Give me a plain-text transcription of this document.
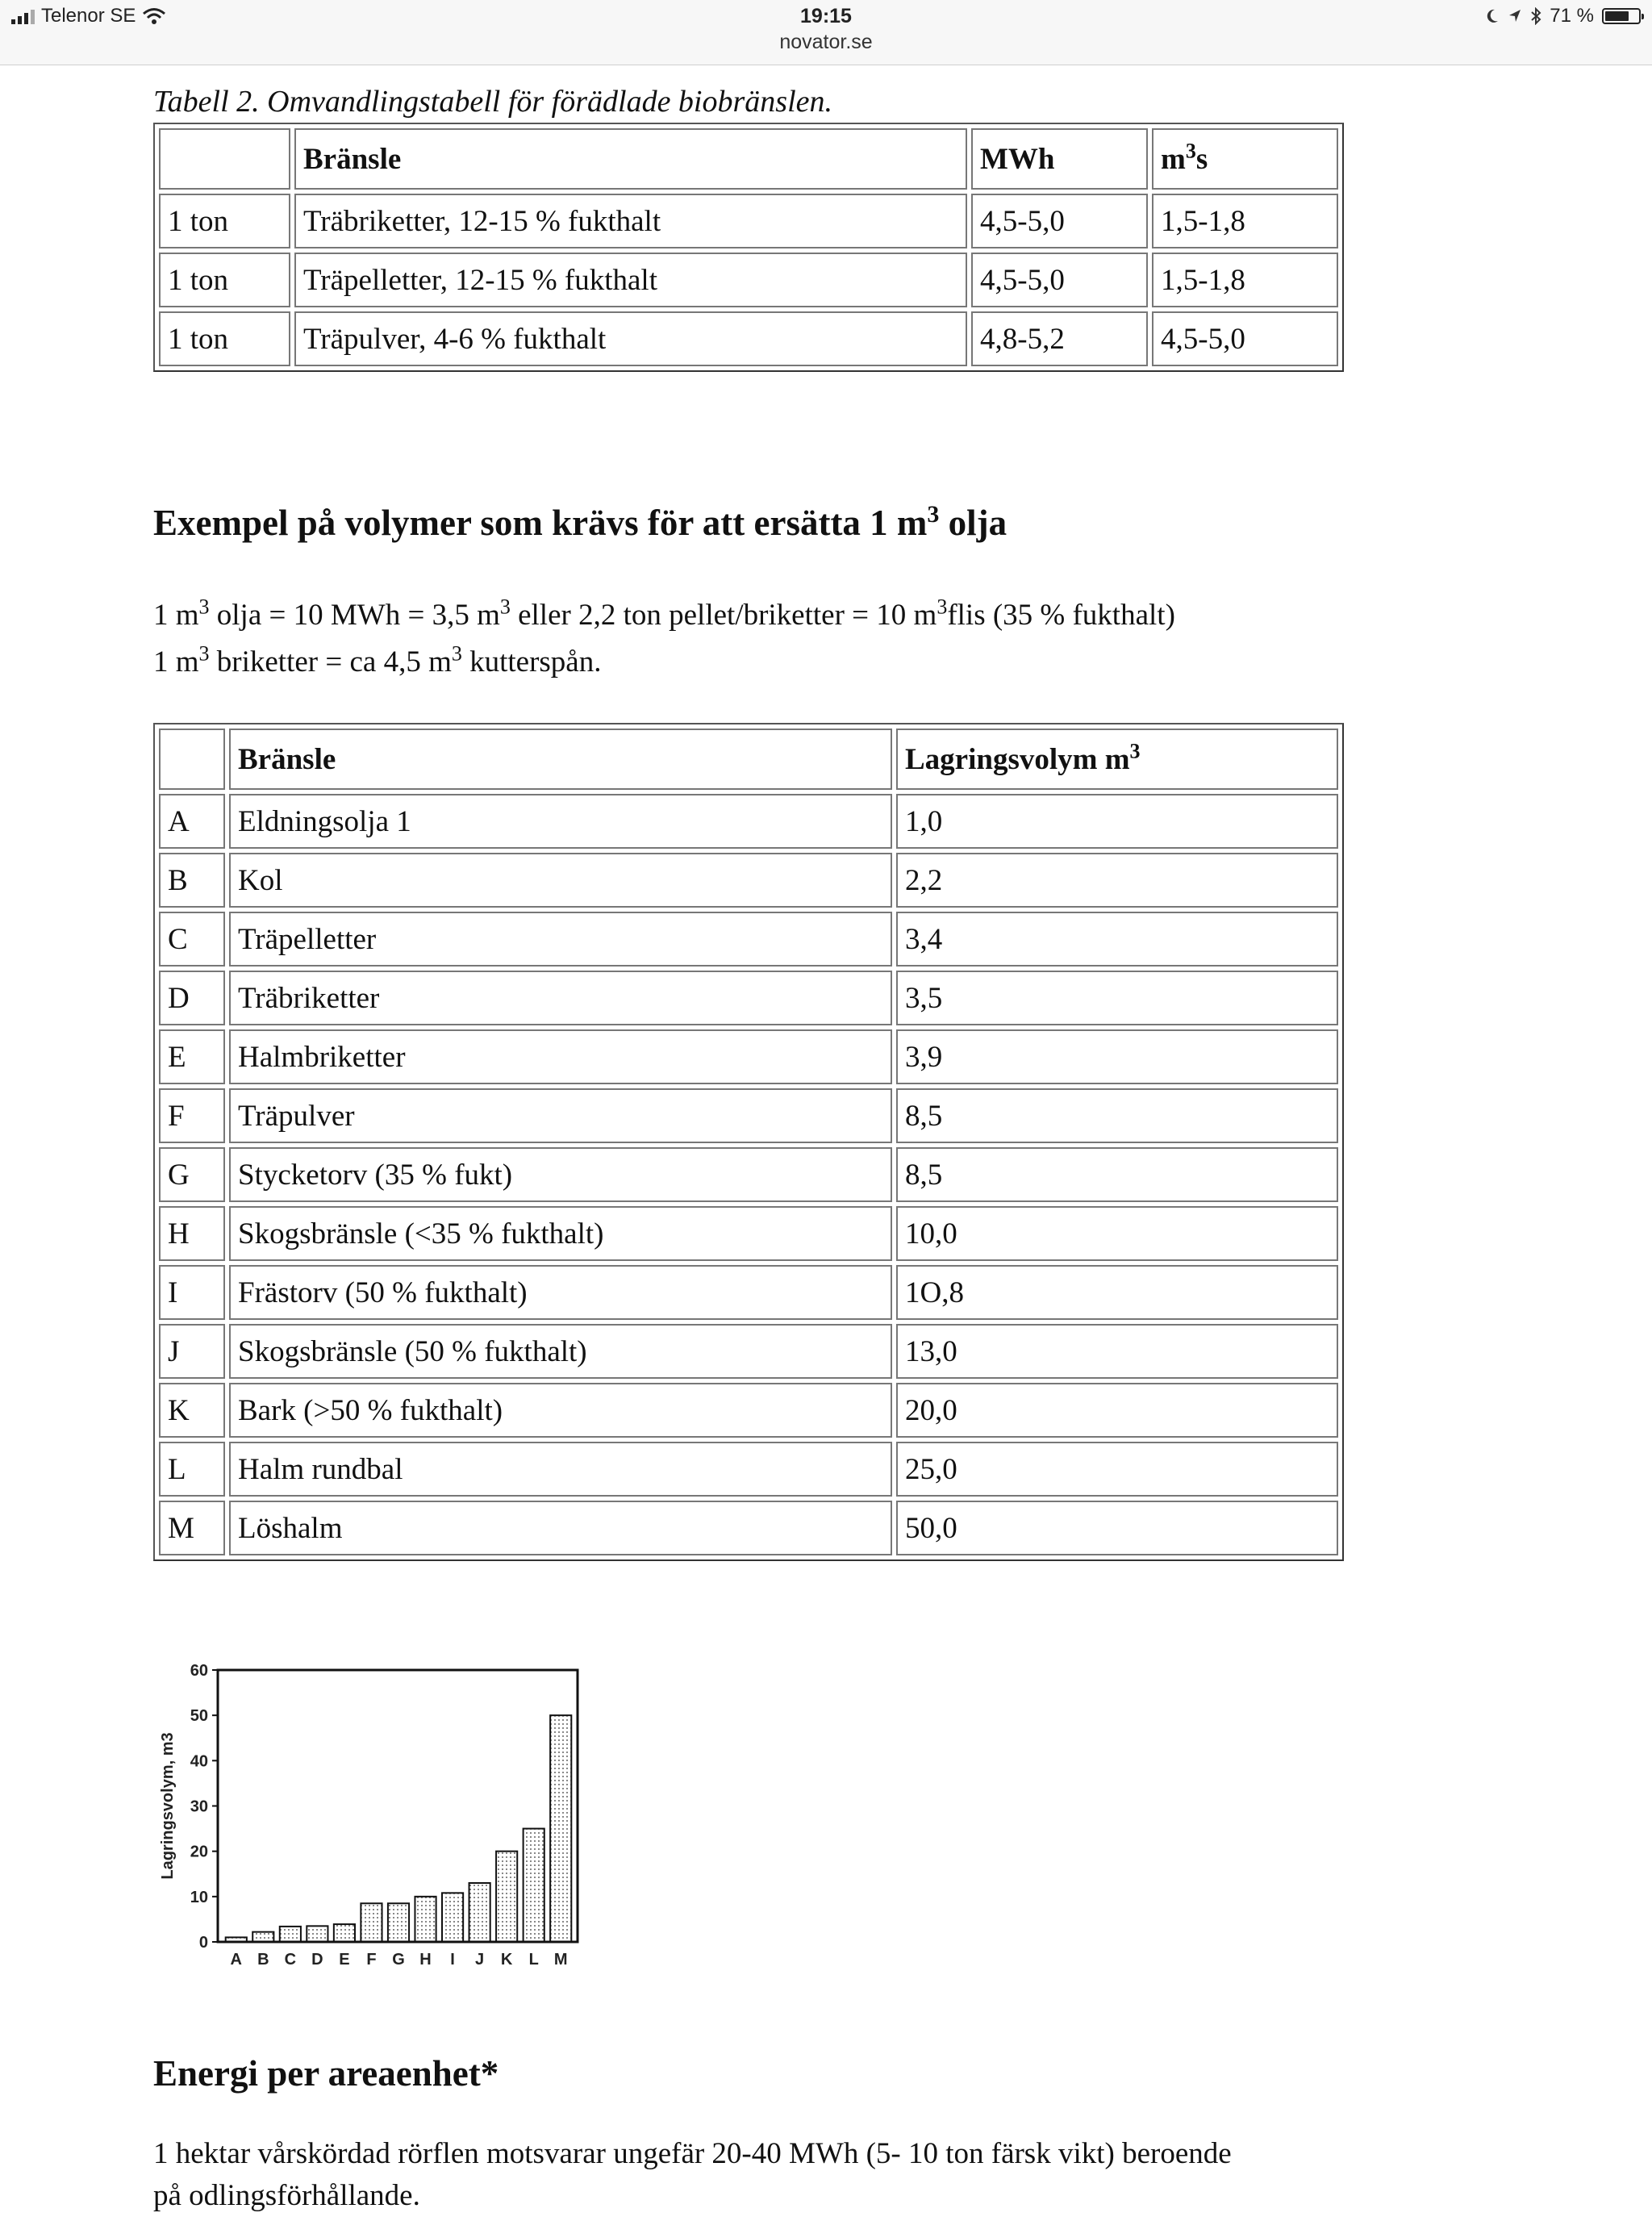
Telenor SE	19:15
novator.se
71 %
Tabell 2. Omvandlingstabell för förädlade biobränslen.
	Bränsle	MWh	$m^3s$
1 ton	Träbriketter, 12-15 % fukthalt	4,5-5,0	1,5-1,8
1 ton	Träpelletter, 12-15 % fukthalt	4,5-5,0	1,5-1,8
1 ton	Träpulver, 4-6 % fukthalt	4,8-5,2	4,5-5,0
Exempel på volymer som krävs för att ersätta 1 $m^3$ olja
1 $m^3$ olja = 10 MWh = 3,5 $m^3$ eller 2,2 ton pellet/briketter = 10 $m^3flis$ (35 % fukthalt)
1 $m^3$ briketter = ca 4,5 $m^3$ kutterspån.
	Bränsle	Lagringsvolym $m^3$
A	Eldningsolja 1	1,0
B	Kol	2,2
C	Träpelletter	3,4
D	Träbriketter	3,5
E	Halmbriketter	3,9
F	Träpulver	8,5
G	Stycketorv (35 % fukt)	8,5
H	Skogsbränsle (<35 % fukthalt)	10,0
I	Frästorv (50 % fukthalt)	1O,8
J	Skogsbränsle (50 % fukthalt)	13,0
K	Bark (>50 % fukthalt)	20,0
L	Halm rundbal	25,0
M	Löshalm	50,0
0
10
20
30
40
50
60
Lagringsvolym, m3
A B C D E F G H I J K L M
Energi per areaenhet*
1 hektar vårskördad rörflen motsvarar ungefär 20-40 MWh (5- 10 ton färsk vikt) beroende
på odlingsförhållande.
